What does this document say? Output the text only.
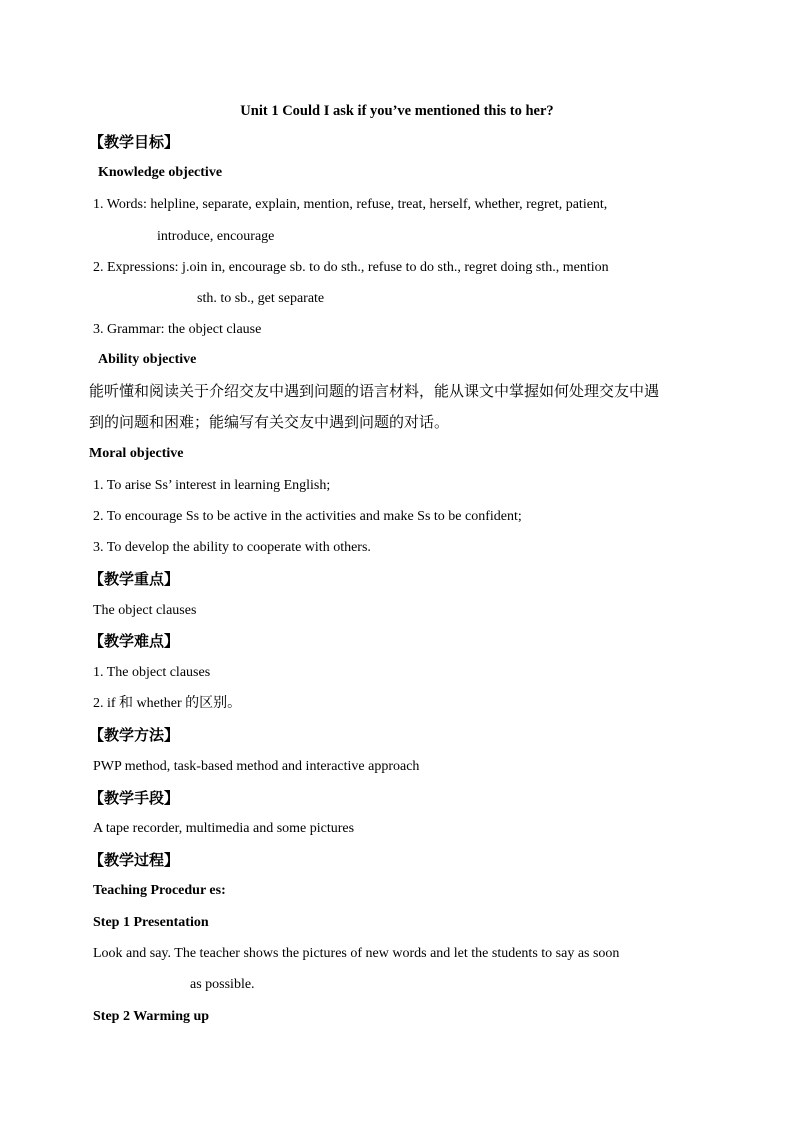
Unit 1 Could I ask if you’ve mentioned this to her?
【教学目标】
Knowledge objective
1. Words: helpline, separate, explain, mention, refuse, treat, herself, whether, regret, patient,
introduce, encourage
2. Expressions: j.oin in, encourage sb. to do sth., refuse to do sth., regret doing sth., mention
sth. to sb., get separate
3. Grammar: the object clause
Ability objective
能听懂和阅读关于介绍交友中遇到问题的语言材料，能从课文中掌握如何处理交友中遇
到的问题和困难；能编写有关交友中遇到问题的对话。
Moral objective
1. To arise Ss’ interest in learning English;
2. To encourage Ss to be active in the activities and make Ss to be confident;
3. To develop the ability to cooperate with others.
【教学重点】
The object clauses
【教学难点】
1. The object clauses
2. if 和 whether 的区别。
【教学方法】
PWP method, task-based method and interactive approach
【教学手段】
A tape recorder, multimedia and some pictures
【教学过程】
Teaching Procedur es:
Step 1 Presentation
Look and say. The teacher shows the pictures of new words and let the students to say as soon
as possible.
Step 2 Warming up
